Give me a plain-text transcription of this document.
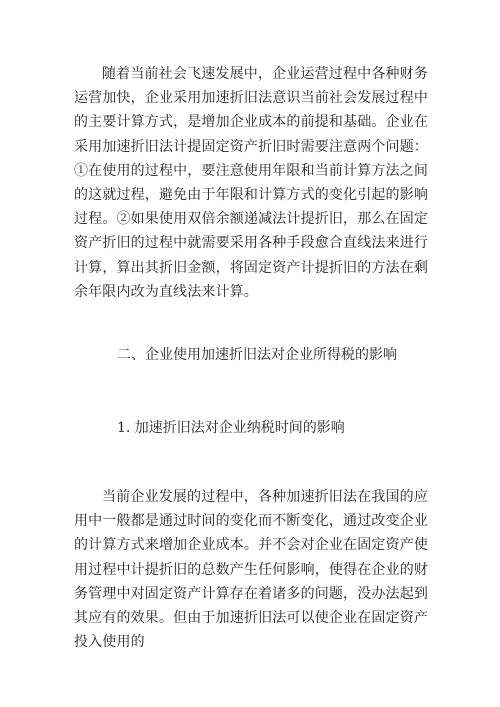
随着当前社会飞速发展中，企业运营过程中各种财务运营加快，企业采用加速折旧法意识当前社会发展过程中的主要计算方式，是增加企业成本的前提和基础。企业在采用加速折旧法计提固定资产折旧时需要注意两个问题：①在使用的过程中，要注意使用年限和当前计算方法之间的这就过程，避免由于年限和计算方式的变化引起的影响过程。②如果使用双倍余额递减法计提折旧，那么在固定资产折旧的过程中就需要采用各种手段愈合直线法来进行计算，算出其折旧金额，将固定资产计提折旧的方法在剩余年限内改为直线法来计算。

二、企业使用加速折旧法对企业所得税的影响
1. 加速折旧法对企业纳税时间的影响

当前企业发展的过程中，各种加速折旧法在我国的应用中一般都是通过时间的变化而不断变化，通过改变企业的计算方式来增加企业成本。并不会对企业在固定资产使用过程中计提折旧的总数产生任何影响，使得在企业的财务管理中对固定资产计算存在着诸多的问题，没办法起到其应有的效果。但由于加速折旧法可以使企业在固定资产投入使用的
